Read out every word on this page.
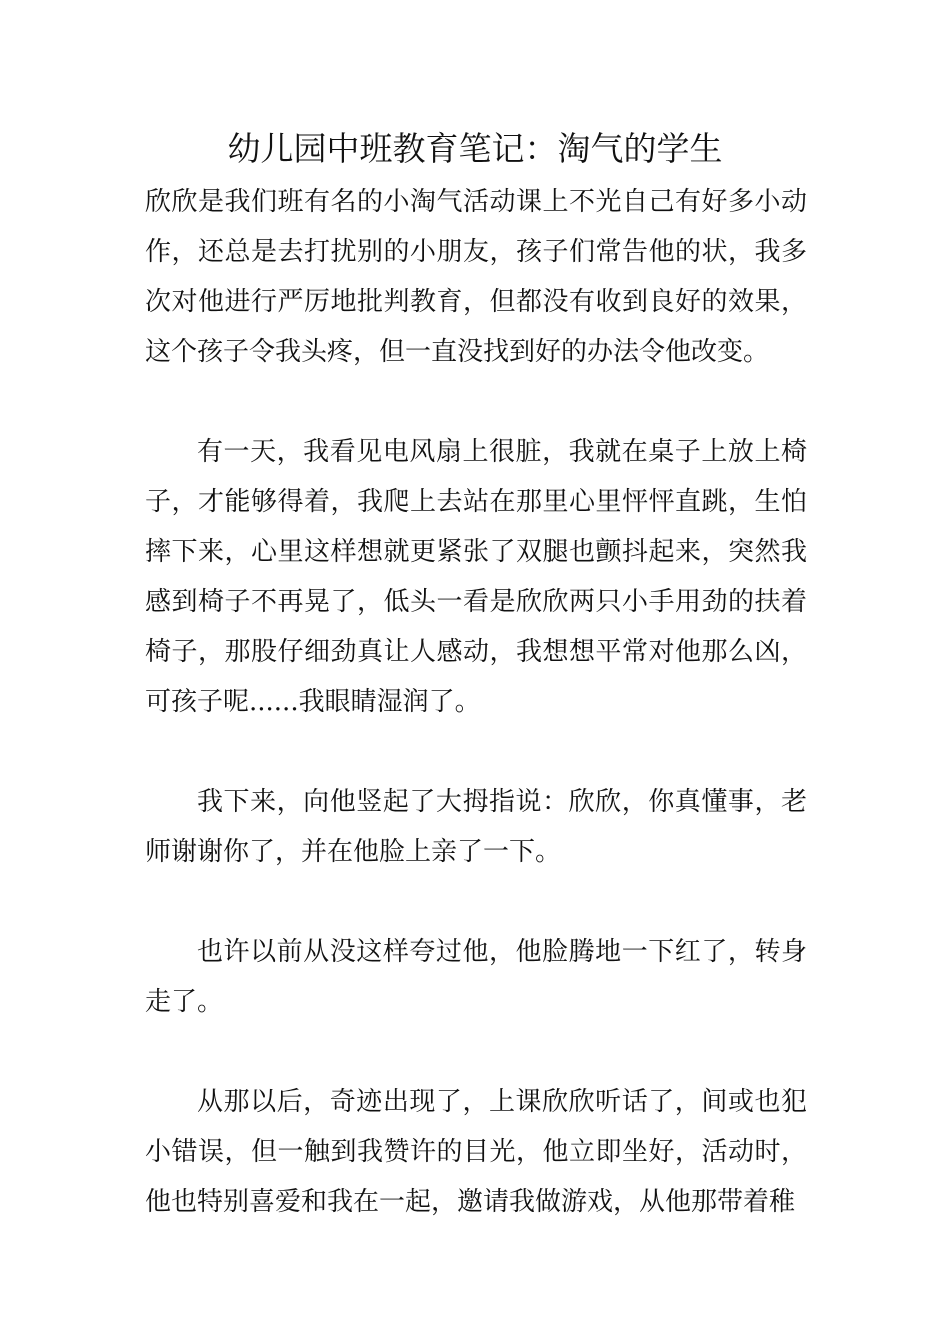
幼儿园中班教育笔记：淘气的学生

欣欣是我们班有名的小淘气活动课上不光自己有好多小动作，还总是去打扰别的小朋友，孩子们常告他的状，我多次对他进行严厉地批判教育，但都没有收到良好的效果，这个孩子令我头疼，但一直没找到好的办法令他改变。

有一天，我看见电风扇上很脏，我就在桌子上放上椅子，才能够得着，我爬上去站在那里心里怦怦直跳，生怕摔下来，心里这样想就更紧张了双腿也颤抖起来，突然我感到椅子不再晃了，低头一看是欣欣两只小手用劲的扶着椅子，那股仔细劲真让人感动，我想想平常对他那么凶，可孩子呢......我眼睛湿润了。

我下来，向他竖起了大拇指说：欣欣，你真懂事，老师谢谢你了，并在他脸上亲了一下。

也许以前从没这样夸过他，他脸腾地一下红了，转身走了。

从那以后，奇迹出现了，上课欣欣听话了，间或也犯小错误，但一触到我赞许的目光，他立即坐好，活动时，他也特别喜爱和我在一起，邀请我做游戏，从他那带着稚
